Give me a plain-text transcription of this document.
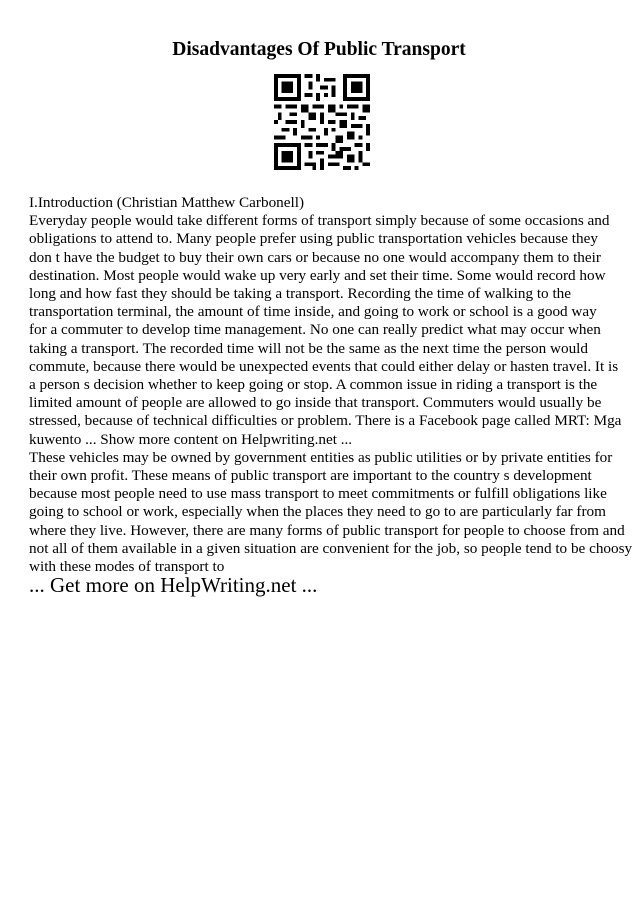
Disadvantages Of Public Transport
I.Introduction (Christian Matthew Carbonell)
Everyday people would take different forms of transport simply because of some occasions and
obligations to attend to. Many people prefer using public transportation vehicles because they
don t have the budget to buy their own cars or because no one would accompany them to their
destination. Most people would wake up very early and set their time. Some would record how
long and how fast they should be taking a transport. Recording the time of walking to the
transportation terminal, the amount of time inside, and going to work or school is a good way
for a commuter to develop time management. No one can really predict what may occur when
taking a transport. The recorded time will not be the same as the next time the person would
commute, because there would be unexpected events that could either delay or hasten travel. It is
a person s decision whether to keep going or stop. A common issue in riding a transport is the
limited amount of people are allowed to go inside that transport. Commuters would usually be
stressed, because of technical difficulties or problem. There is a Facebook page called MRT: Mga
kuwento ... Show more content on Helpwriting.net ...
These vehicles may be owned by government entities as public utilities or by private entities for
their own profit. These means of public transport are important to the country s development
because most people need to use mass transport to meet commitments or fulfill obligations like
going to school or work, especially when the places they need to go to are particularly far from
where they live. However, there are many forms of public transport for people to choose from and
not all of them available in a given situation are convenient for the job, so people tend to be choosy
with these modes of transport to
... Get more on HelpWriting.net ...
